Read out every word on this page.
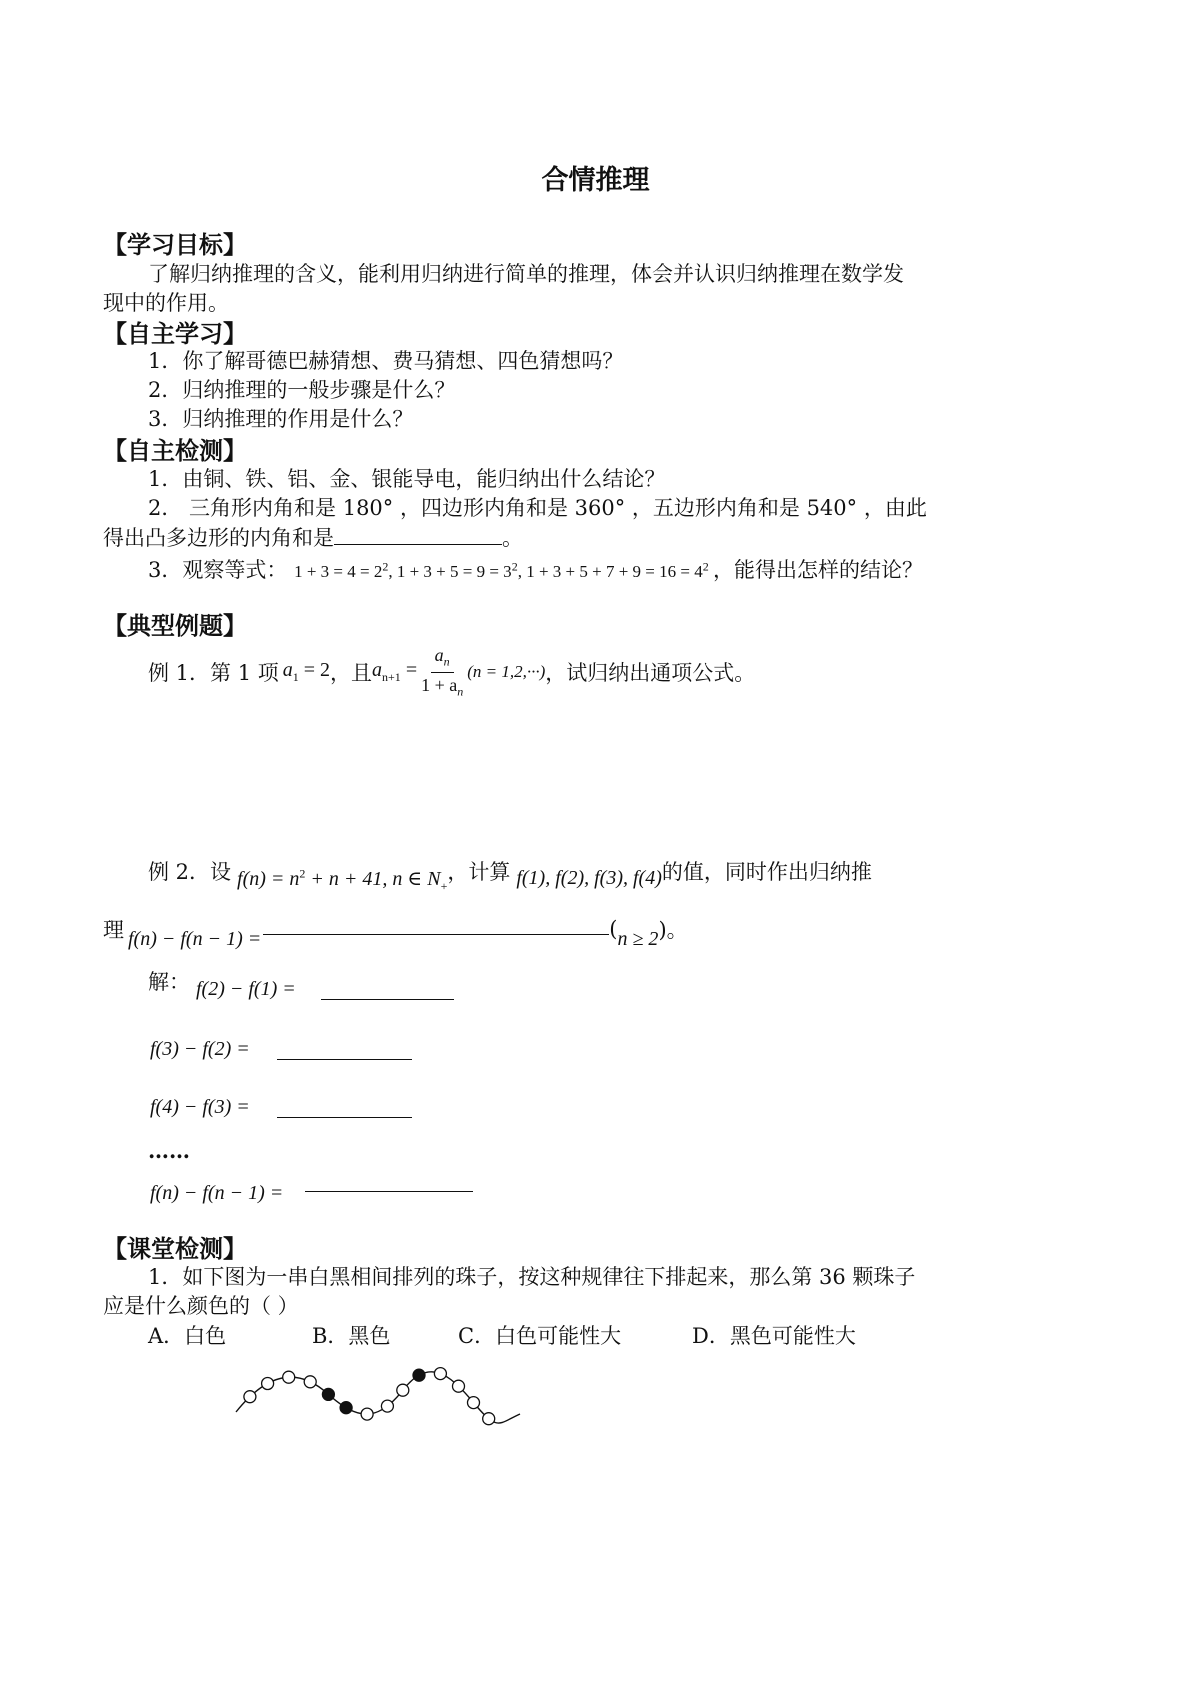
合情推理
【学习目标】
了解归纳推理的含义，能利用归纳进行简单的推理，体会并认识归纳推理在数学发
现中的作用。
【自主学习】
1．你了解哥德巴赫猜想、费马猜想、四色猜想吗？
2．归纳推理的一般步骤是什么？
3．归纳推理的作用是什么？
【自主检测】
1．由铜、铁、铝、金、银能导电，能归纳出什么结论？
2． 三角形内角和是 180° ，四边形内角和是 360° ，五边形内角和是 540° ，由此
得出凸多边形的内角和是	。
3．观察等式： $1 + 3 = 4 = 2^2$, $1 + 3 + 5 = 9 = 3^2$, $1 + 3 + 5 + 7 + 9 = 16 = 4^2$ ，能得出怎样的结论？
【典型例题】
例 1．第 1 项 $a_1 = 2$ ，且 $a_{n+1} = \frac{a_n}{1 + a_n} (n = 1,2,\cdot\cdot\cdot)$ ，试归纳出通项公式。
例 2．设 $f(n) = n^2 + n + 41$, n ∈ $N_+$
，计算 f(1), f(2), f(3), f(4) 的值，同时作出归纳推
理 f(n) − f(n − 1) =	( n ≥ 2 )。
解： f(2) − f(1) =
f(3) − f(2) =
f(4) − f(3) =
……
f(n) − f(n − 1) =
【课堂检测】
1．如下图为一串白黑相间排列的珠子，按这种规律往下排起来，那么第 36 颗珠子
应是什么颜色的（ ）
A．白色	B．黑色	C．白色可能性大	D．黑色可能性大
